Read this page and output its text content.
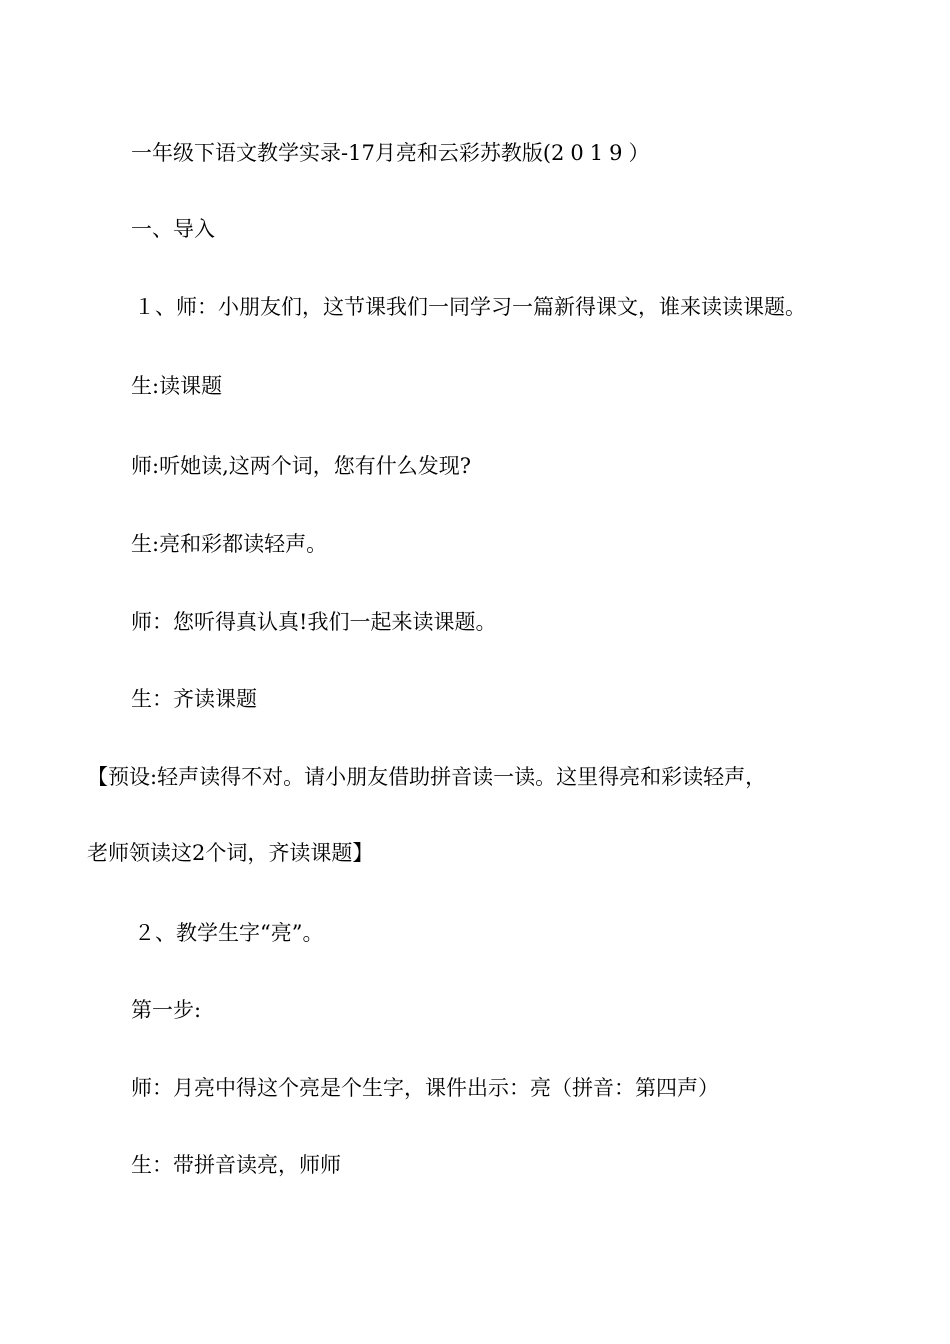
一年级下语文教学实录-17月亮和云彩苏教版(2019）
一、导入
１、师：小朋友们，这节课我们一同学习一篇新得课文，谁来读读课题。
生:读课题
师:听她读,这两个词，您有什么发现?
生:亮和彩都读轻声。
师：您听得真认真!我们一起来读课题。
生：齐读课题
【预设:轻声读得不对。请小朋友借助拼音读一读。这里得亮和彩读轻声，
老师领读这2个词，齐读课题】
２、教学生字“亮”。
第一步:
师：月亮中得这个亮是个生字，课件出示：亮（拼音：第四声）
生：带拼音读亮，师师
